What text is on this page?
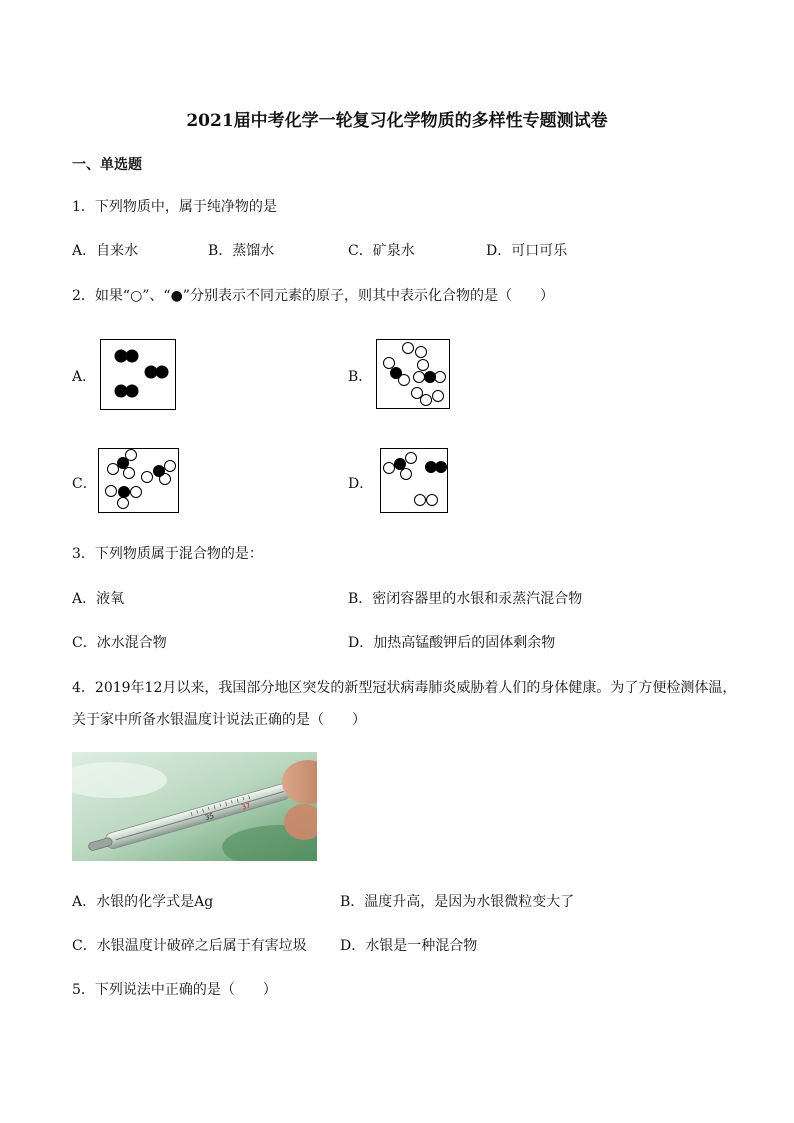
2021届中考化学一轮复习化学物质的多样性专题测试卷
一、单选题
1．下列物质中，属于纯净物的是
A．自来水	B．蒸馏水	C．矿泉水	D．可口可乐
2．如果“○”、“●”分别表示不同元素的原子，则其中表示化合物的是（　　）
A．	B．
C．	D．
3．下列物质属于混合物的是：
A．液氧	B．密闭容器里的水银和汞蒸汽混合物
C．冰水混合物	D．加热高锰酸钾后的固体剩余物
4．2019年12月以来，我国部分地区突发的新型冠状病毒肺炎威胁着人们的身体健康。为了方便检测体温，
关于家中所备水银温度计说法正确的是（　　）
35
37
A．水银的化学式是Ag	B．温度升高，是因为水银微粒变大了
C．水银温度计破碎之后属于有害垃圾 D．水银是一种混合物
5．下列说法中正确的是（　　）
